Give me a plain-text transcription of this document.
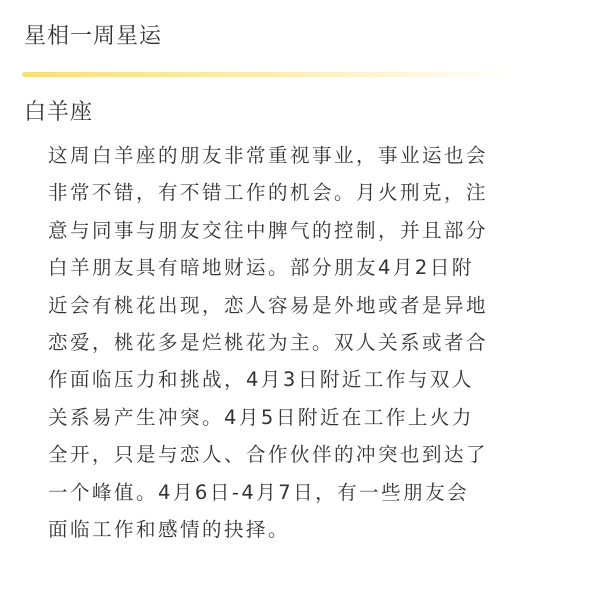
星相一周星运
白羊座
这周白羊座的朋友非常重视事业，事业运也会
非常不错，有不错工作的机会。月火刑克，注
意与同事与朋友交往中脾气的控制，并且部分
白羊朋友具有暗地财运。部分朋友4月2日附
近会有桃花出现，恋人容易是外地或者是异地
恋爱，桃花多是烂桃花为主。双人关系或者合
作面临压力和挑战，4月3日附近工作与双人
关系易产生冲突。4月5日附近在工作上火力
全开，只是与恋人、合作伙伴的冲突也到达了
一个峰值。4月6日-4月7日，有一些朋友会
面临工作和感情的抉择。
